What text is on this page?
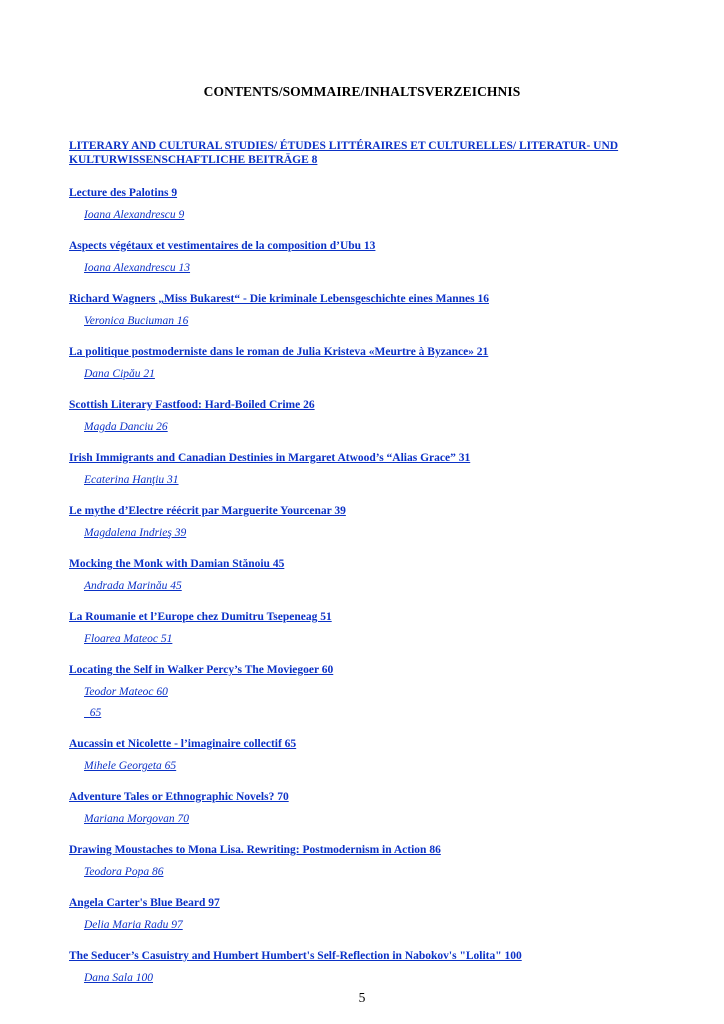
CONTENTS/SOMMAIRE/INHALTSVERZEICHNIS
LITERARY AND CULTURAL STUDIES/ ÉTUDES LITTÉRAIRES ET CULTURELLES/ LITERATUR- UND KULTURWISSENSCHAFTLICHE BEITRÄGE 8
Lecture des Palotins 9
Ioana Alexandrescu 9
Aspects végétaux et vestimentaires de la composition d’Ubu 13
Ioana Alexandrescu 13
Richard Wagners „Miss Bukarest“ - Die kriminale Lebensgeschichte eines Mannes 16
Veronica Buciuman 16
La politique postmoderniste dans le roman de Julia Kristeva «Meurtre à Byzance» 21
Dana Cipău 21
Scottish Literary Fastfood: Hard-Boiled Crime 26
Magda Danciu 26
Irish Immigrants and Canadian Destinies in Margaret Atwood’s “Alias Grace” 31
Ecaterina Hanţiu 31
Le mythe d’Electre réécrit par Marguerite Yourcenar 39
Magdalena Indrieş 39
Mocking the Monk with Damian Stănoiu 45
Andrada Marinău 45
La Roumanie et l’Europe chez Dumitru Tsepeneag 51
Floarea Mateoc 51
Locating the Self in Walker Percy’s The Moviegoer 60
Teodor Mateoc 60
65
Aucassin et Nicolette - l’imaginaire collectif 65
Mihele Georgeta 65
Adventure Tales or Ethnographic Novels? 70
Mariana Morgovan 70
Drawing Moustaches to Mona Lisa. Rewriting: Postmodernism in Action 86
Teodora Popa 86
Angela Carter's Blue Beard 97
Delia Maria Radu 97
The Seducer’s Casuistry and Humbert Humbert's Self-Reflection in Nabokov's "Lolita" 100
Dana Sala 100
5
